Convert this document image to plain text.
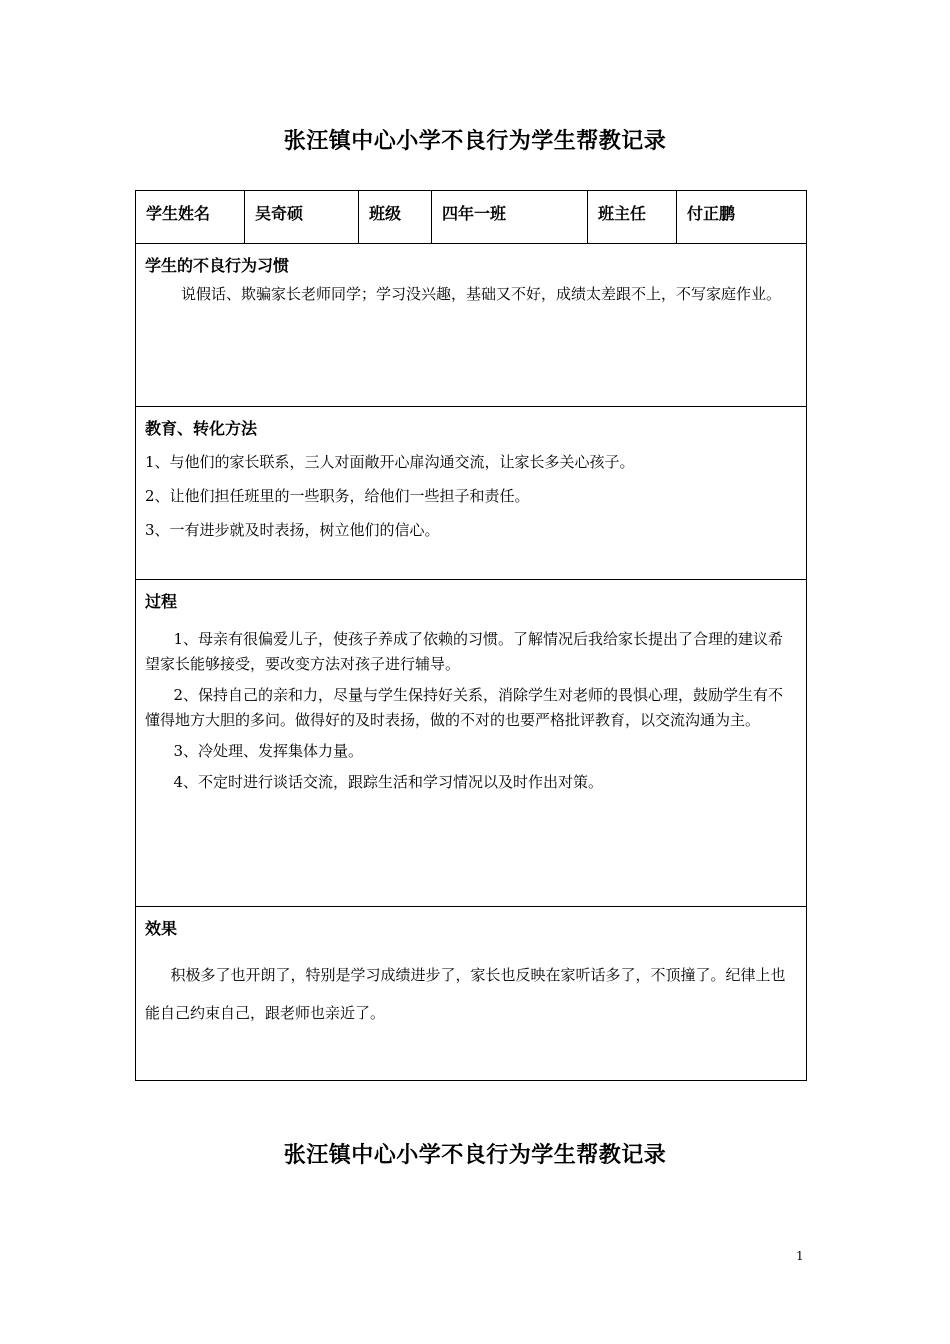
张汪镇中心小学不良行为学生帮教记录
学生姓名	吴奇硕	班级	四年一班	班主任	付正鹏

学生的不良行为习惯

说假话、欺骗家长老师同学；学习没兴趣，基础又不好，成绩太差跟不上，不写家庭作业。

教育、转化方法

1、与他们的家长联系，三人对面敞开心扉沟通交流，让家长多关心孩子。

2、让他们担任班里的一些职务，给他们一些担子和责任。

3、一有进步就及时表扬，树立他们的信心。

过程

1、母亲有很偏爱儿子，使孩子养成了依赖的习惯。了解情况后我给家长提出了合理的建议希望家长能够接受，要改变方法对孩子进行辅导。

2、保持自己的亲和力，尽量与学生保持好关系，消除学生对老师的畏惧心理，鼓励学生有不懂得地方大胆的多问。做得好的及时表扬，做的不对的也要严格批评教育，以交流沟通为主。

3、冷处理、发挥集体力量。

4、不定时进行谈话交流，跟踪生活和学习情况以及时作出对策。

效果

积极多了也开朗了，特别是学习成绩进步了，家长也反映在家听话多了，不顶撞了。纪律上也能自己约束自己，跟老师也亲近了。

张汪镇中心小学不良行为学生帮教记录
1
